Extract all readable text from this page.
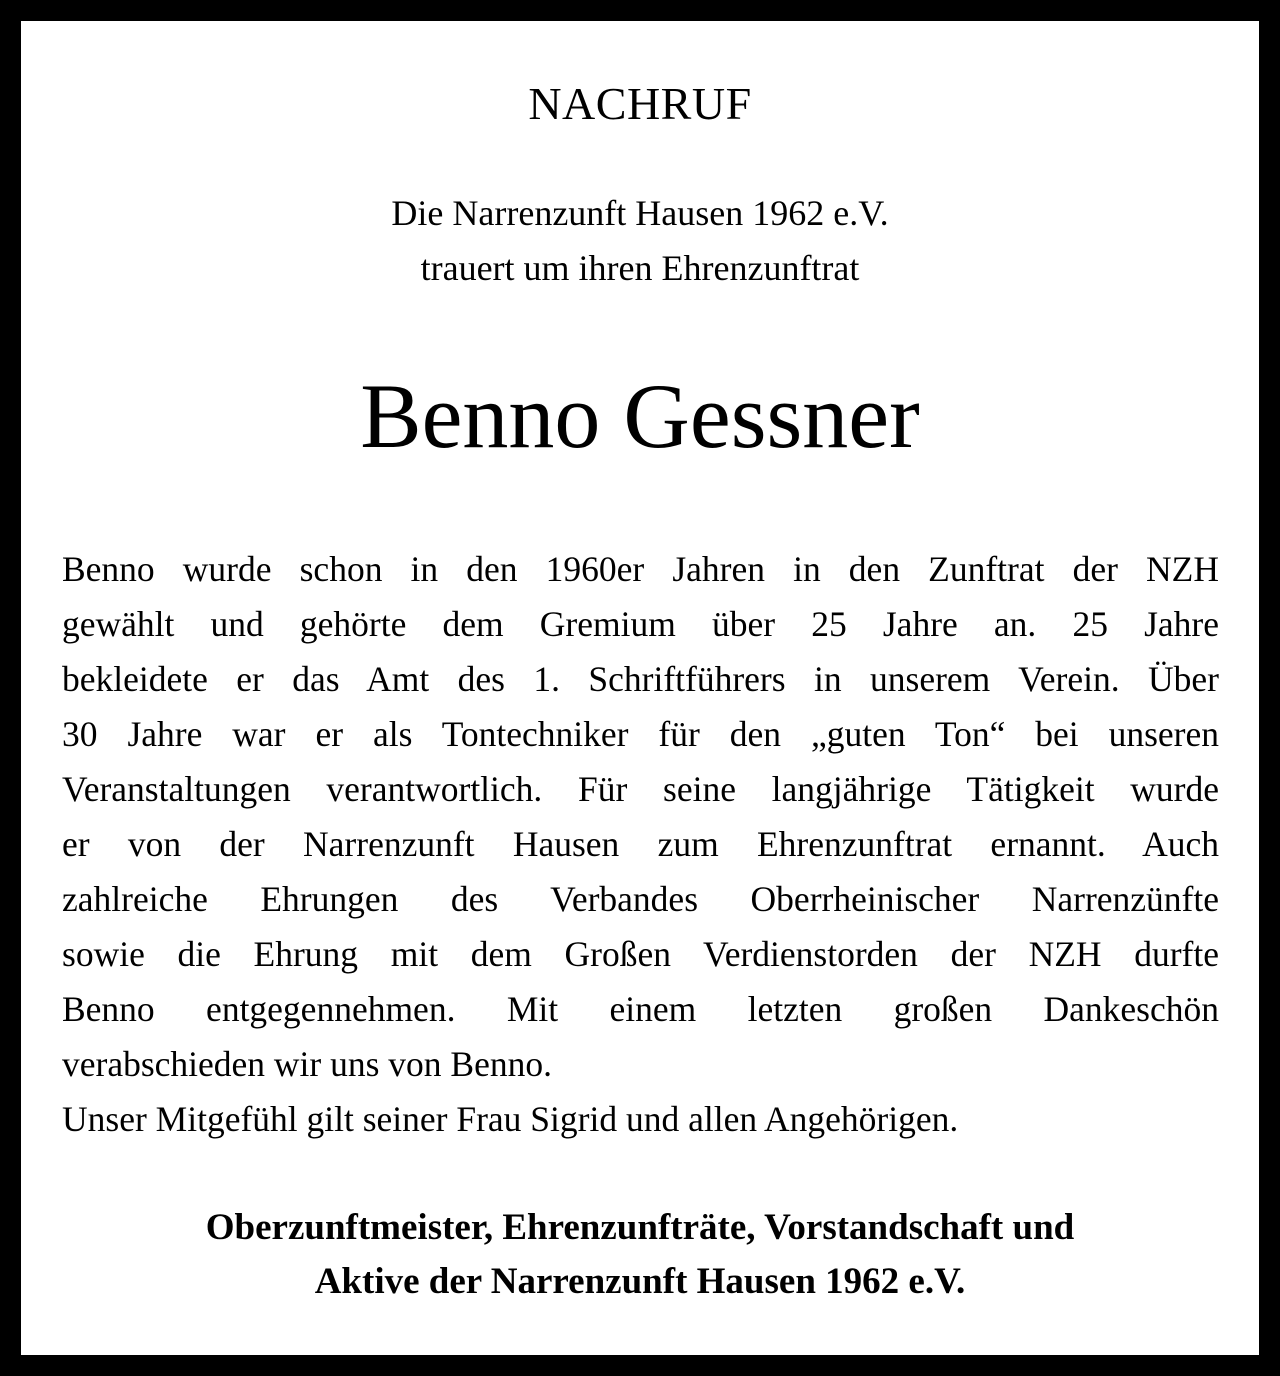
NACHRUF
Die Narrenzunft Hausen 1962 e.V.
trauert um ihren Ehrenzunftrat
Benno Gessner
Benno wurde schon in den 1960er Jahren in den Zunftrat der NZH
gewählt und gehörte dem Gremium über 25 Jahre an. 25 Jahre
bekleidete er das Amt des 1. Schriftführers in unserem Verein. Über
30 Jahre war er als Tontechniker für den „guten Ton“ bei unseren
Veranstaltungen verantwortlich. Für seine langjährige Tätigkeit wurde
er von der Narrenzunft Hausen zum Ehrenzunftrat ernannt. Auch
zahlreiche Ehrungen des Verbandes Oberrheinischer Narrenzünfte
sowie die Ehrung mit dem Großen Verdienstorden der NZH durfte
Benno entgegennehmen. Mit einem letzten großen Dankeschön
verabschieden wir uns von Benno.
Unser Mitgefühl gilt seiner Frau Sigrid und allen Angehörigen.
Oberzunftmeister, Ehrenzunfträte, Vorstandschaft und
Aktive der Narrenzunft Hausen 1962 e.V.
